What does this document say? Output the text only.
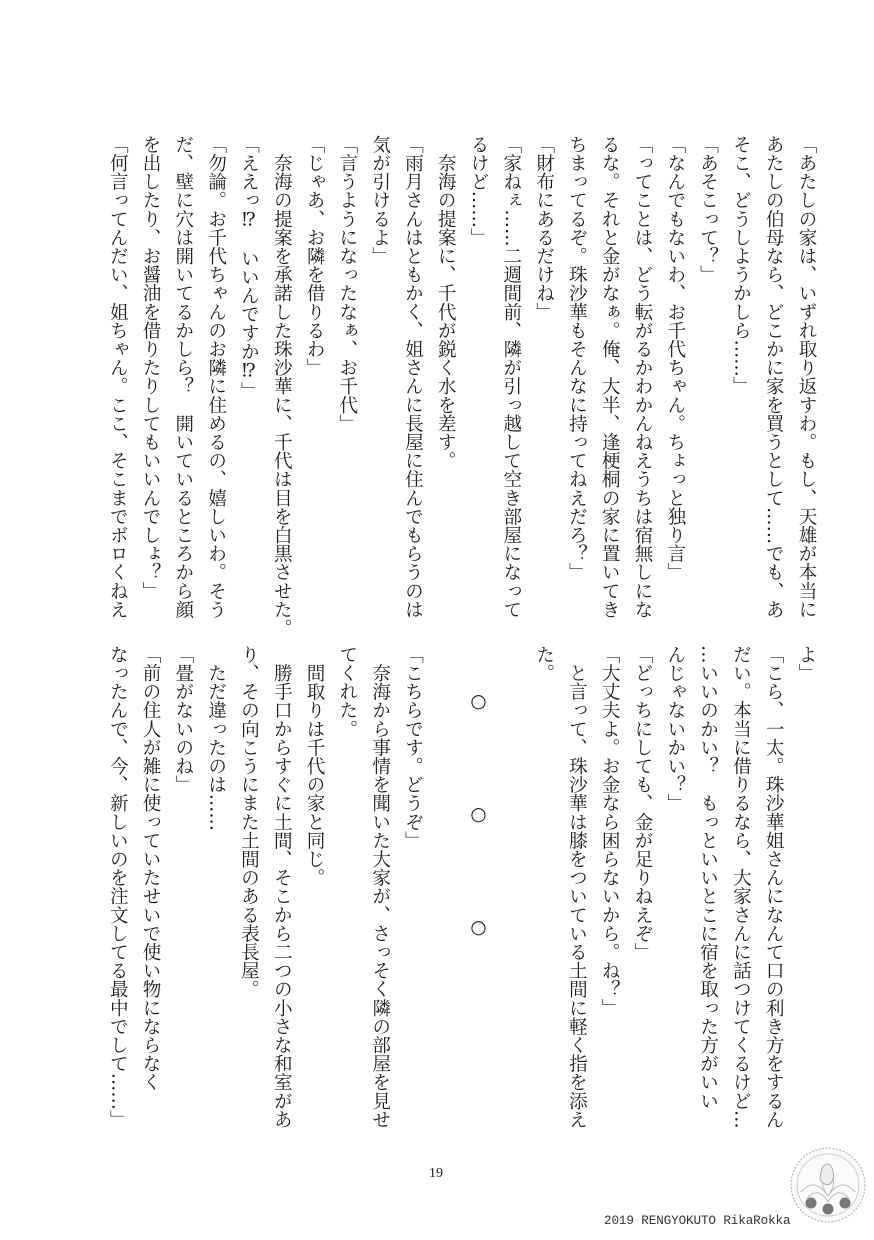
「あたしの家は、いずれ取り返すわ。もし、天雄が本当に
あたしの伯母なら、どこかに家を買うとして……でも、あ
そこ、どうしようかしら……」
「あそこって？」
「なんでもないわ、お千代ちゃん。ちょっと独り言」
「ってことは、どう転がるかわかんねえうちは宿無しにな
るな。それと金がなぁ。俺、大半、逢梗桐の家に置いてき
ちまってるぞ。珠沙華もそんなに持ってねえだろ？」
「財布にあるだけね」
「家ねぇ……二週間前、隣が引っ越して空き部屋になって
るけど……」
　奈海の提案に、千代が鋭く水を差す。
「雨月さんはともかく、姐さんに長屋に住んでもらうのは
気が引けるよ」
「言うようになったなぁ、お千代」
「じゃあ、お隣を借りるわ」
　奈海の提案を承諾した珠沙華に、千代は目を白黒させた。
「ええっ⁉　いいんですか⁉」
「勿論。お千代ちゃんのお隣に住めるの、嬉しいわ。そう
だ、壁に穴は開いてるかしら？　開いているところから顔
を出したり、お醤油を借りたりしてもいいんでしょ？」
「何言ってんだい、姐ちゃん。ここ、そこまでボロくねえ
よ」
「こら、一太。珠沙華姐さんになんて口の利き方をするん
だい。本当に借りるなら、大家さんに話つけてくるけど…
…いいのかい？　もっといいとこに宿を取った方がいい
んじゃないかい？」
「どっちにしても、金が足りねえぞ」
「大丈夫よ。お金なら困らないから。ね？」
　と言って、珠沙華は膝をついている土間に軽く指を添え
た。
○○○
「こちらです。どうぞ」
　奈海から事情を聞いた大家が、さっそく隣の部屋を見せ
てくれた。
　間取りは千代の家と同じ。
　勝手口からすぐに土間、そこから二つの小さな和室があ
り、その向こうにまた土間のある表長屋。
　ただ違ったのは……
「畳がないのね」
「前の住人が雑に使っていたせいで使い物にならなく
なったんで、今、新しいのを注文してる最中でして……」
19
2019 RENGYOKUTO RikaRokka
